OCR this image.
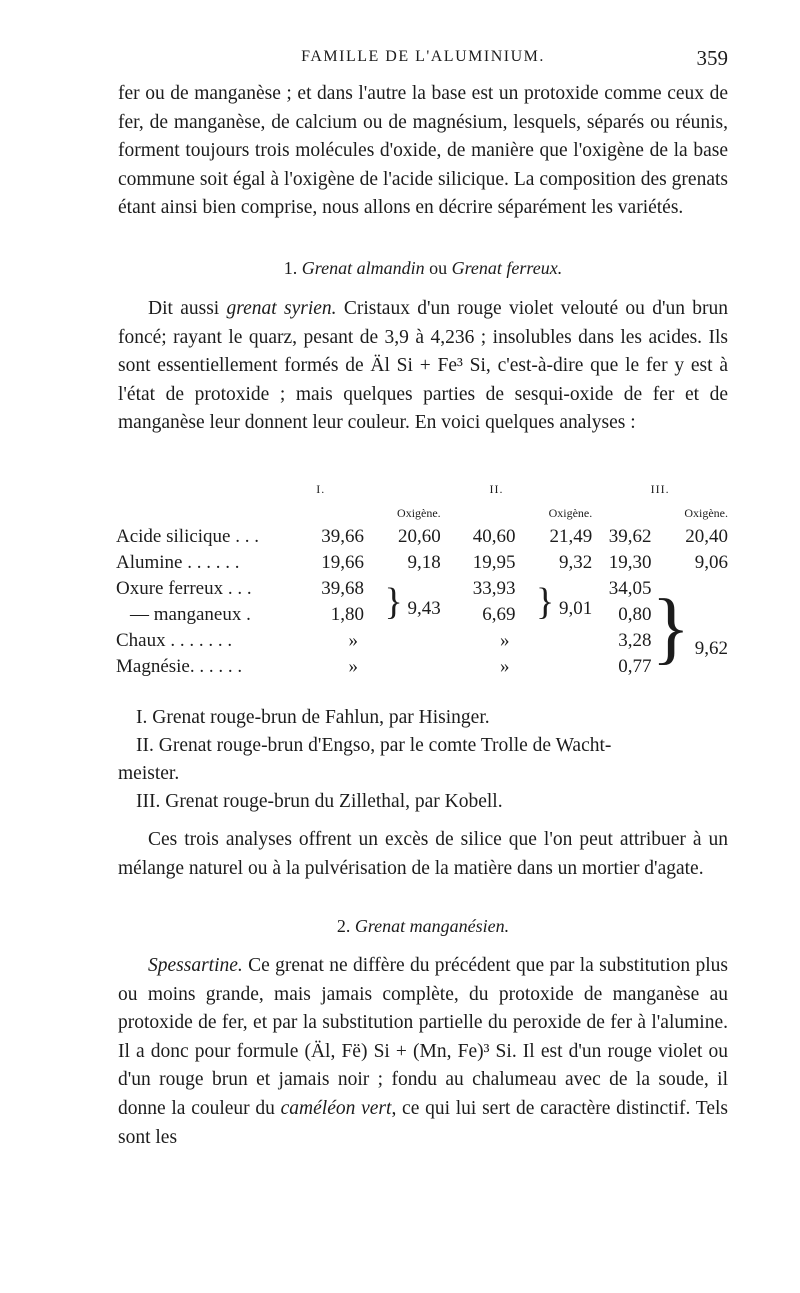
FAMILLE DE L'ALUMINIUM.	359
fer ou de manganèse ; et dans l'autre la base est un protoxide comme ceux de fer, de manganèse, de calcium ou de magnésium, lesquels, séparés ou réunis, forment toujours trois molécules d'oxide, de manière que l'oxigène de la base commune soit égal à l'oxigène de l'acide silicique. La composition des grenats étant ainsi bien comprise, nous allons en décrire séparément les variétés.
1. Grenat almandin ou Grenat ferreux.
Dit aussi grenat syrien. Cristaux d'un rouge violet velouté ou d'un brun foncé; rayant le quarz, pesant de 3,9 à 4,236 ; insolubles dans les acides. Ils sont essentiellement formés de Äl Si + Fe³ Si, c'est-à-dire que le fer y est à l'état de protoxide ; mais quelques parties de sesqui-oxide de fer et de manganèse leur donnent leur couleur. En voici quelques analyses :
	I.		II.		III.	
		Oxigène.		Oxigène.		Oxigène.
Acide silicique . . .	39,66	20,60	40,60	21,49	39,62	20,40
Alumine . . . . . .	19,66	9,18	19,95	9,32	19,30	9,06
Oxure ferreux . . .	39,68	} 9,43	33,93	} 9,01	34,05	} 9,62
— manganeux .	1,80		6,69		0,80	
Chaux . . . . . . .	»		»		3,28	
Magnésie. . . . . .	»		»		0,77	
I. Grenat rouge-brun de Fahlun, par Hisinger.
II. Grenat rouge-brun d'Engso, par le comte Trolle de Wacht-
meister.
III. Grenat rouge-brun du Zillethal, par Kobell.
Ces trois analyses offrent un excès de silice que l'on peut attribuer à un mélange naturel ou à la pulvérisation de la matière dans un mortier d'agate.
2. Grenat manganésien.
Spessartine. Ce grenat ne diffère du précédent que par la substitution plus ou moins grande, mais jamais complète, du protoxide de manganèse au protoxide de fer, et par la substitution partielle du peroxide de fer à l'alumine. Il a donc pour formule (Äl, Fë) Si + (Mn, Fe)³ Si. Il est d'un rouge violet ou d'un rouge brun et jamais noir ; fondu au chalumeau avec de la soude, il donne la couleur du caméléon vert, ce qui lui sert de caractère distinctif. Tels sont les
